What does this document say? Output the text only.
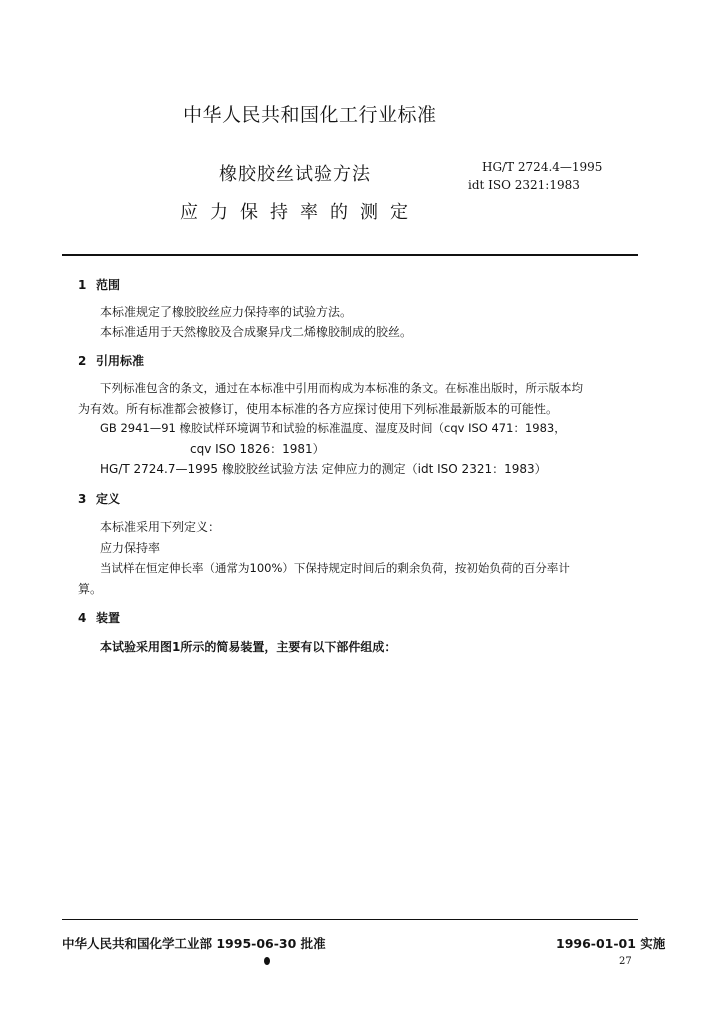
中华人民共和国化工行业标准
橡胶胶丝试验方法
应力保持率的测定
HG/T 2724.4—1995
idt ISO 2321:1983
1 范围
本标准规定了橡胶胶丝应力保持率的试验方法。
本标准适用于天然橡胶及合成聚异戊二烯橡胶制成的胶丝。
2 引用标准
下列标准包含的条文，通过在本标准中引用而构成为本标准的条文。在标准出版时，所示版本均
为有效。所有标准都会被修订，使用本标准的各方应探讨使用下列标准最新版本的可能性。
GB 2941—91 橡胶试样环境调节和试验的标准温度、湿度及时间（cqv ISO 471：1983，
cqv ISO 1826：1981）
HG/T 2724.7—1995 橡胶胶丝试验方法 定伸应力的测定（idt ISO 2321：1983）
3 定义
本标准采用下列定义：
应力保持率
当试样在恒定伸长率（通常为100%）下保持规定时间后的剩余负荷，按初始负荷的百分率计
算。
4 装置
本试验采用图1所示的简易装置，主要有以下部件组成：
中华人民共和国化学工业部 1995-06-30 批准	1996-01-01 实施
27
